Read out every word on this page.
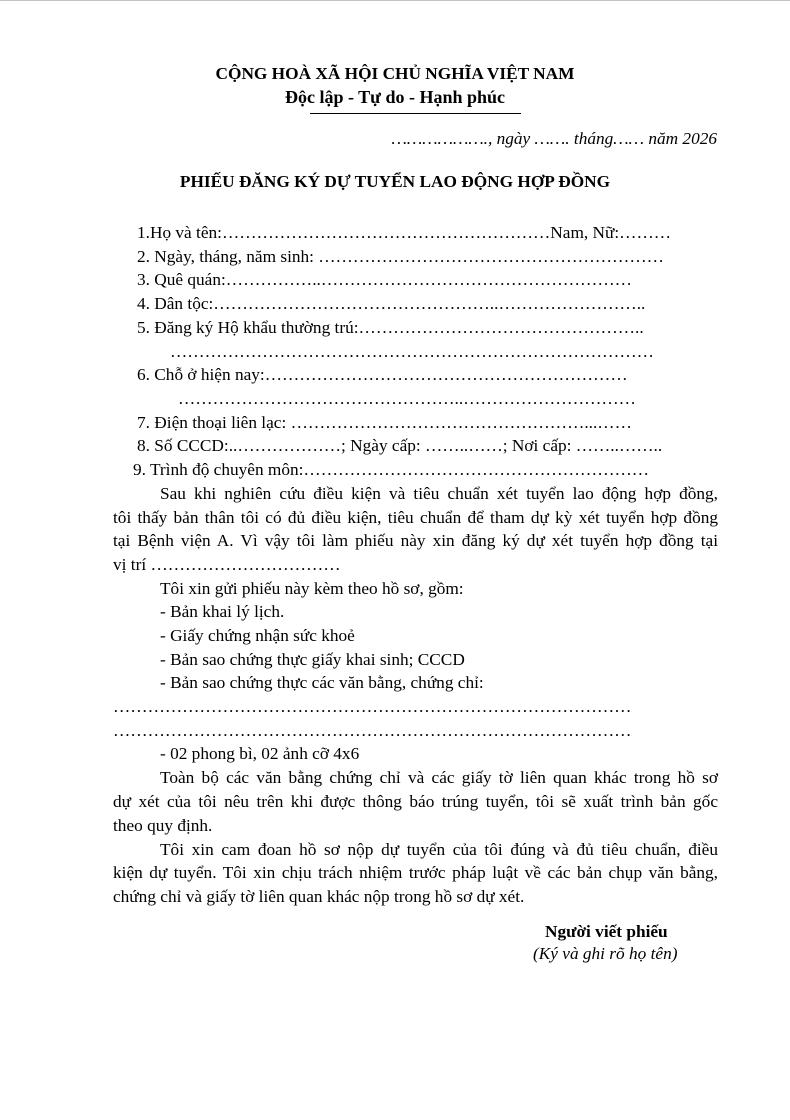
CỘNG HOÀ XÃ HỘI CHỦ NGHĨA VIỆT NAM
Độc lập - Tự do - Hạnh phúc
………………., ngày ……. tháng…… năm 2026
PHIẾU ĐĂNG KÝ DỰ TUYỂN LAO ĐỘNG HỢP ĐỒNG
1.Họ và tên:…………………………………………………Nam, Nữ:………
2. Ngày, tháng, năm sinh: ……………………………………………………
3. Quê quán:……………..………………………………………………
4. Dân tộc:…………………………………………..……………………..
5. Đăng ký Hộ khẩu thường trú:…………………………………………..
…………………………………………………………………………
6. Chỗ ở hiện nay:………………………………………………………
…………………………………………..…………………………
7. Điện thoại liên lạc: ……………………………………………...……
8. Số CCCD:..………………; Ngày cấp: ……..……; Nơi cấp: ……..……..
9. Trình độ chuyên môn:……………………………………………………
Sau khi nghiên cứu điều kiện và tiêu chuẩn xét tuyển lao động hợp đồng,
tôi thấy bản thân tôi có đủ điều kiện, tiêu chuẩn để tham dự kỳ xét tuyển hợp đồng
tại Bệnh viện A. Vì vậy tôi làm phiếu này xin đăng ký dự xét tuyển hợp đồng tại
vị trí ……………………………
Tôi xin gửi phiếu này kèm theo hồ sơ, gồm:
- Bản khai lý lịch.
- Giấy chứng nhận sức khoẻ
- Bản sao chứng thực giấy khai sinh; CCCD
- Bản sao chứng thực các văn bằng, chứng chỉ:
………………………………………………………………………………
………………………………………………………………………………
- 02 phong bì, 02 ảnh cỡ 4x6
Toàn bộ các văn bằng chứng chỉ và các giấy tờ liên quan khác trong hồ sơ
dự xét của tôi nêu trên khi được thông báo trúng tuyển, tôi sẽ xuất trình bản gốc
theo quy định.
Tôi xin cam đoan hồ sơ nộp dự tuyển của tôi đúng và đủ tiêu chuẩn, điều
kiện dự tuyển. Tôi xin chịu trách nhiệm trước pháp luật về các bản chụp văn bằng,
chứng chỉ và giấy tờ liên quan khác nộp trong hồ sơ dự xét.
Người viết phiếu
(Ký và ghi rõ họ tên)
